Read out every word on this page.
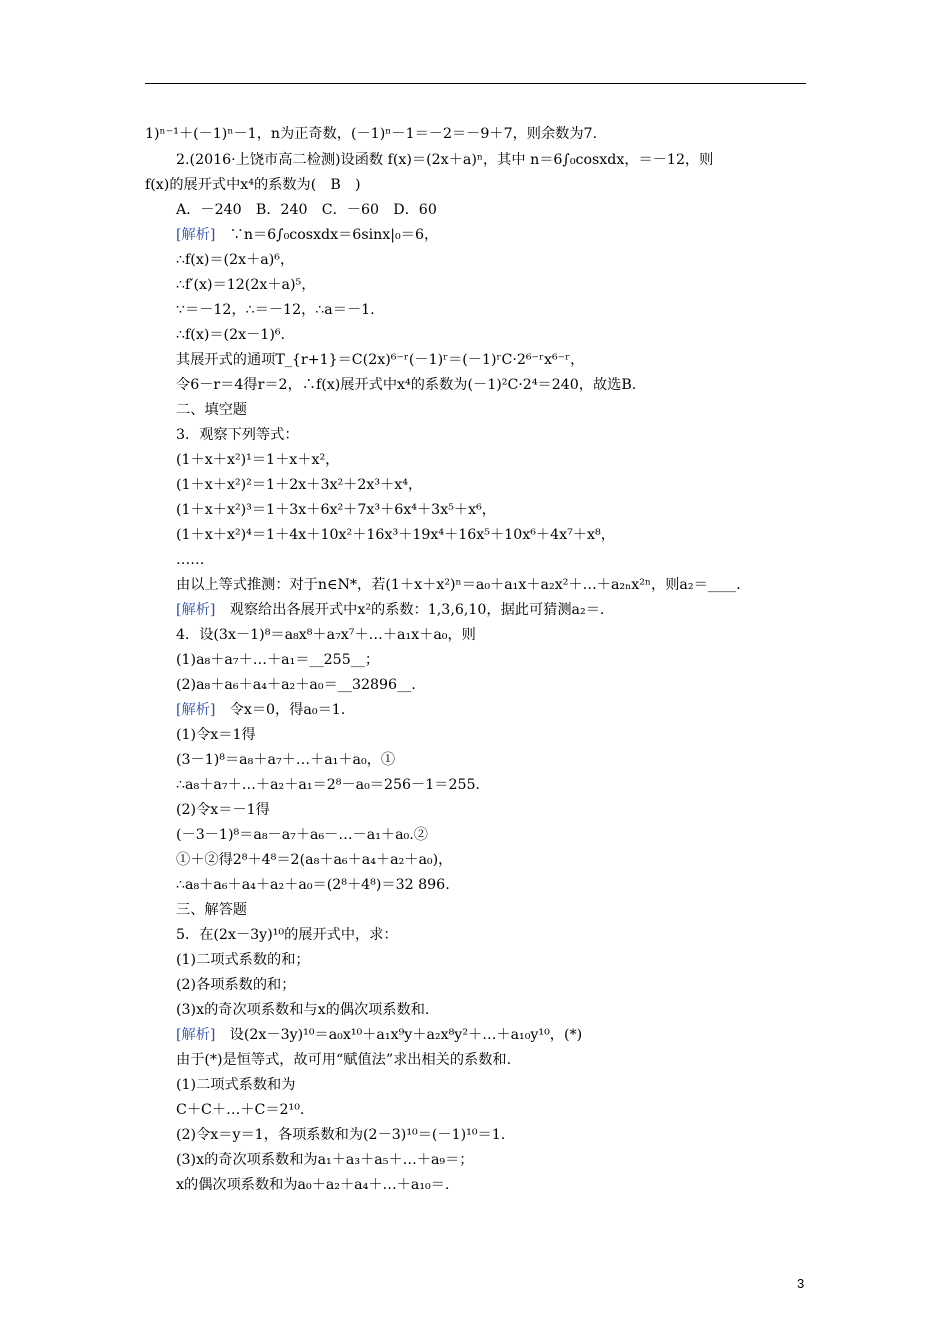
1)ⁿ⁻¹＋(－1)ⁿ－1，n为正奇数，(－1)ⁿ－1＝－2＝－9＋7，则余数为7.
2.(2016·上饶市高二检测)设函数 f(x)＝(2x＋a)ⁿ，其中 n＝6∫₀cosxdx，＝－12，则
f(x)的展开式中x⁴的系数为(　B　)
A．－240　B．240　C．－60　D．60
[解析]　∵n＝6∫₀cosxdx＝6sinx|₀＝6，
∴f(x)＝(2x＋a)⁶，
∴f′(x)＝12(2x＋a)⁵，
∵＝－12，∴＝－12，∴a＝－1.
∴f(x)＝(2x－1)⁶.
其展开式的通项T_{r+1}＝C(2x)⁶⁻ʳ(－1)ʳ＝(－1)ʳC·2⁶⁻ʳx⁶⁻ʳ，
令6－r＝4得r＝2，∴f(x)展开式中x⁴的系数为(－1)²C·2⁴＝240，故选B.
二、填空题
3．观察下列等式：
(1＋x＋x²)¹＝1＋x＋x²，
(1＋x＋x²)²＝1＋2x＋3x²＋2x³＋x⁴，
(1＋x＋x²)³＝1＋3x＋6x²＋7x³＋6x⁴＋3x⁵＋x⁶，
(1＋x＋x²)⁴＝1＋4x＋10x²＋16x³＋19x⁴＋16x⁵＋10x⁶＋4x⁷＋x⁸，
……
由以上等式推测：对于n∈N*，若(1＋x＋x²)ⁿ＝a₀＋a₁x＋a₂x²＋…＋a₂ₙx²ⁿ，则a₂＝____.
[解析]　观察给出各展开式中x²的系数：1,3,6,10，据此可猜测a₂＝.
4．设(3x－1)⁸＝a₈x⁸＋a₇x⁷＋…＋a₁x＋a₀，则
(1)a₈＋a₇＋…＋a₁＝__255__；
(2)a₈＋a₆＋a₄＋a₂＋a₀＝__32896__.
[解析]　令x＝0，得a₀＝1.
(1)令x＝1得
(3－1)⁸＝a₈＋a₇＋…＋a₁＋a₀，①
∴a₈＋a₇＋…＋a₂＋a₁＝2⁸－a₀＝256－1＝255.
(2)令x＝－1得
(－3－1)⁸＝a₈－a₇＋a₆－…－a₁＋a₀.②
①＋②得2⁸＋4⁸＝2(a₈＋a₆＋a₄＋a₂＋a₀)，
∴a₈＋a₆＋a₄＋a₂＋a₀＝(2⁸＋4⁸)＝32 896.
三、解答题
5．在(2x－3y)¹⁰的展开式中，求：
(1)二项式系数的和；
(2)各项系数的和；
(3)x的奇次项系数和与x的偶次项系数和.
[解析]　设(2x－3y)¹⁰＝a₀x¹⁰＋a₁x⁹y＋a₂x⁸y²＋…＋a₁₀y¹⁰，(*)
由于(*)是恒等式，故可用“赋值法”求出相关的系数和.
(1)二项式系数和为
C＋C＋…＋C＝2¹⁰.
(2)令x＝y＝1，各项系数和为(2－3)¹⁰＝(－1)¹⁰＝1.
(3)x的奇次项系数和为a₁＋a₃＋a₅＋…＋a₉＝；
x的偶次项系数和为a₀＋a₂＋a₄＋…＋a₁₀＝.
3
